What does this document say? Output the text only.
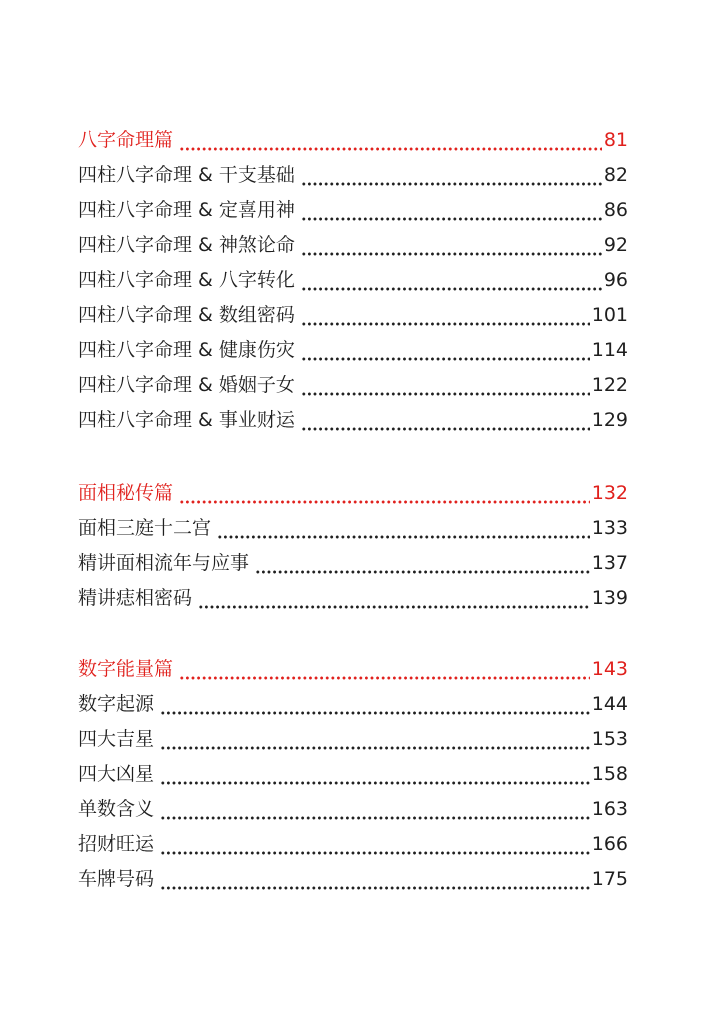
八字命理篇	81
四柱八字命理 & 干支基础	82
四柱八字命理 & 定喜用神	86
四柱八字命理 & 神煞论命	92
四柱八字命理 & 八字转化	96
四柱八字命理 & 数组密码	101
四柱八字命理 & 健康伤灾	114
四柱八字命理 & 婚姻子女	122
四柱八字命理 & 事业财运	129
面相秘传篇	132
面相三庭十二宫	133
精讲面相流年与应事	137
精讲痣相密码	139
数字能量篇	143
数字起源	144
四大吉星	153
四大凶星	158
单数含义	163
招财旺运	166
车牌号码	175
